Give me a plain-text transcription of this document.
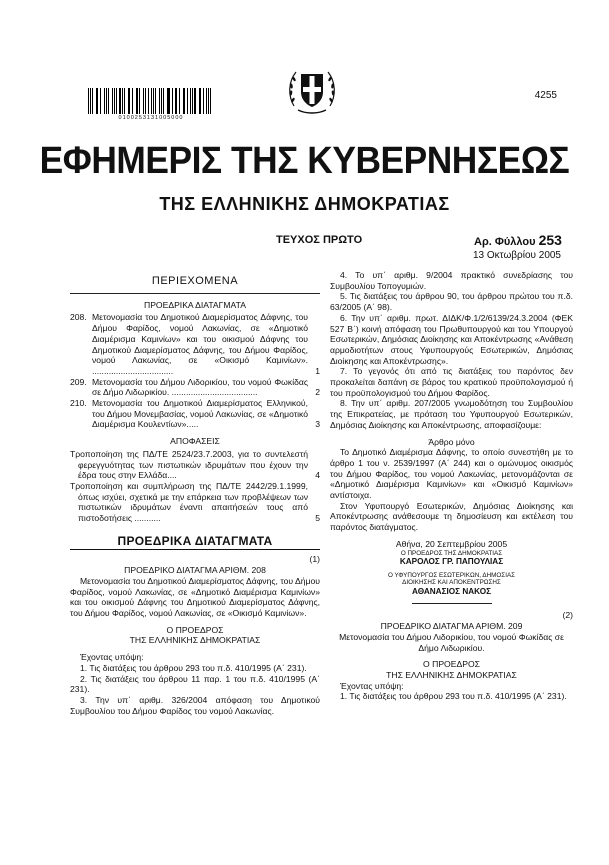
4255
0100253131005000
ΕΦΗΜΕΡΙΣ ΤΗΣ ΚΥΒΕΡΝΗΣΕΩΣ
ΤΗΣ ΕΛΛΗΝΙΚΗΣ ΔΗΜΟΚΡΑΤΙΑΣ
ΤΕΥΧΟΣ ΠΡΩΤΟ	Αρ. Φύλλου 253
13 Οκτωβρίου 2005
ΠΕΡΙΕΧΟΜΕΝΑ
ΠΡΟΕΔΡΙΚΑ ΔΙΑΤΑΓΜΑΤΑ
208. Μετονομασία του Δημοτικού Διαμερίσματος Δάφνης, του Δήμου Φαρίδος, νομού Λακωνίας, σε «Δημοτικό Διαμέρισμα Καμινίων» και του οικισμού Δάφνης του Δημοτικού Διαμερίσματος Δάφνης, του Δήμου Φαρίδος, νομού Λακωνίας, σε «Οικισμό Καμινίων». ..................................	1
209. Μετονομασία του Δήμου Λιδορικίου, του νομού Φωκίδας σε Δήμο Λιδωρικίου. ....................................	2
210. Μετονομασία του Δημοτικού Διαμερίσματος Ελληνικού, του Δήμου Μονεμβασίας, νομού Λακωνίας, σε «Δημοτικό Διαμέρισμα Κουλεντίων».....	3
ΑΠΟΦΑΣΕΙΣ
Τροποποίηση της ΠΔ/ΤΕ 2524/23.7.2003, για το συντελεστή φερεγγυότητας των πιστωτικών ιδρυμάτων που έχουν την έδρα τους στην Ελλάδα....	4
Τροποποίηση και συμπλήρωση της ΠΔ/ΤΕ 2442/29.1.1999, όπως ισχύει, σχετικά με την επάρκεια των προβλέψεων των πιστωτικών ιδρυμάτων έναντι απαιτήσεών τους από πιστοδοτήσεις ...........	5
ΠΡΟΕΔΡΙΚΑ ΔΙΑΤΑΓΜΑΤΑ
(1)
ΠΡΟΕΔΡΙΚΟ ΔΙΑΤΑΓΜΑ ΑΡΙΘΜ. 208

Μετονομασία του Δημοτικού Διαμερίσματος Δάφνης, του Δήμου Φαρίδος, νομού Λακωνίας, σε «Δημοτικό Διαμέρισμα Καμινίων» και του οικισμού Δάφνης του Δημοτικού Διαμερίσματος Δάφνης, του Δήμου Φαρίδος, νομού Λακωνίας, σε «Οικισμό Καμινίων».

Ο ΠΡΟΕΔΡΟΣ
ΤΗΣ ΕΛΛΗΝΙΚΗΣ ΔΗΜΟΚΡΑΤΙΑΣ

Έχοντας υπόψη:

1. Τις διατάξεις του άρθρου 293 του π.δ. 410/1995 (Α΄ 231).

2. Τις διατάξεις του άρθρου 11 παρ. 1 του π.δ. 410/1995 (Α΄ 231).

3. Την υπ΄ αριθμ. 326/2004 απόφαση του Δημοτικού Συμβουλίου του Δήμου Φαρίδος του νομού Λακωνίας.

4. Το υπ΄ αριθμ. 9/2004 πρακτικό συνεδρίασης του Συμβουλίου Τοπογυμιών.

5. Τις διατάξεις του άρθρου 90, του άρθρου πρώτου του π.δ. 63/2005 (Α΄ 98).

6. Την υπ΄ αριθμ. πρωτ. ΔΙΔΚ/Φ.1/2/6139/24.3.2004 (ΦΕΚ 527 Β΄) κοινή απόφαση του Πρωθυπουργού και του Υπουργού Εσωτερικών, Δημόσιας Διοίκησης και Αποκέντρωσης «Ανάθεση αρμοδιοτήτων στους Υφυπουργούς Εσωτερικών, Δημόσιας Διοίκησης και Αποκέντρωσης».

7. Το γεγονός ότι από τις διατάξεις του παρόντος δεν προκαλείται δαπάνη σε βάρος του κρατικού προϋπολογισμού ή του προϋπολογισμού του Δήμου Φαρίδος.

8. Την υπ΄ αριθμ. 207/2005 γνωμοδότηση του Συμβουλίου της Επικρατείας, με πρόταση του Υφυπουργού Εσωτερικών, Δημόσιας Διοίκησης και Αποκέντρωσης, αποφασίζουμε:

Άρθρο μόνο

Το Δημοτικό Διαμέρισμα Δάφνης, το οποίο συνεστήθη με το άρθρο 1 του ν. 2539/1997 (Α΄ 244) και ο ομώνυμος οικισμός του Δήμου Φαρίδος, του νομού Λακωνίας, μετονομάζονται σε «Δημοτικό Διαμέρισμα Καμινίων» και «Οικισμό Καμινίων» αντίστοιχα.

Στον Υφυπουργό Εσωτερικών, Δημόσιας Διοίκησης και Αποκέντρωσης ανάθεσουμε τη δημοσίευση και εκτέλεση του παρόντος διατάγματος.

Αθήνα, 20 Σεπτεμβρίου 2005
Ο ΠΡΟΕΔΡΟΣ ΤΗΣ ΔΗΜΟΚΡΑΤΙΑΣ
ΚΑΡΟΛΟΣ ΓΡ. ΠΑΠΟΥΛΙΑΣ
Ο ΥΦΥΠΟΥΡΓΟΣ ΕΣΩΤΕΡΙΚΩΝ, ΔΗΜΟΣΙΑΣ
ΔΙΟΙΚΗΣΗΣ ΚΑΙ ΑΠΟΚΕΝΤΡΩΣΗΣ
ΑΘΑΝΑΣΙΟΣ ΝΑΚΟΣ
(2)
ΠΡΟΕΔΡΙΚΟ ΔΙΑΤΑΓΜΑ ΑΡΙΘΜ. 209

Μετονομασία του Δήμου Λιδορικίου, του νομού Φωκίδας σε Δήμο Λιδωρικίου.

Ο ΠΡΟΕΔΡΟΣ
ΤΗΣ ΕΛΛΗΝΙΚΗΣ ΔΗΜΟΚΡΑΤΙΑΣ

Έχοντας υπόψη:

1. Τις διατάξεις του άρθρου 293 του π.δ. 410/1995 (Α΄ 231).
